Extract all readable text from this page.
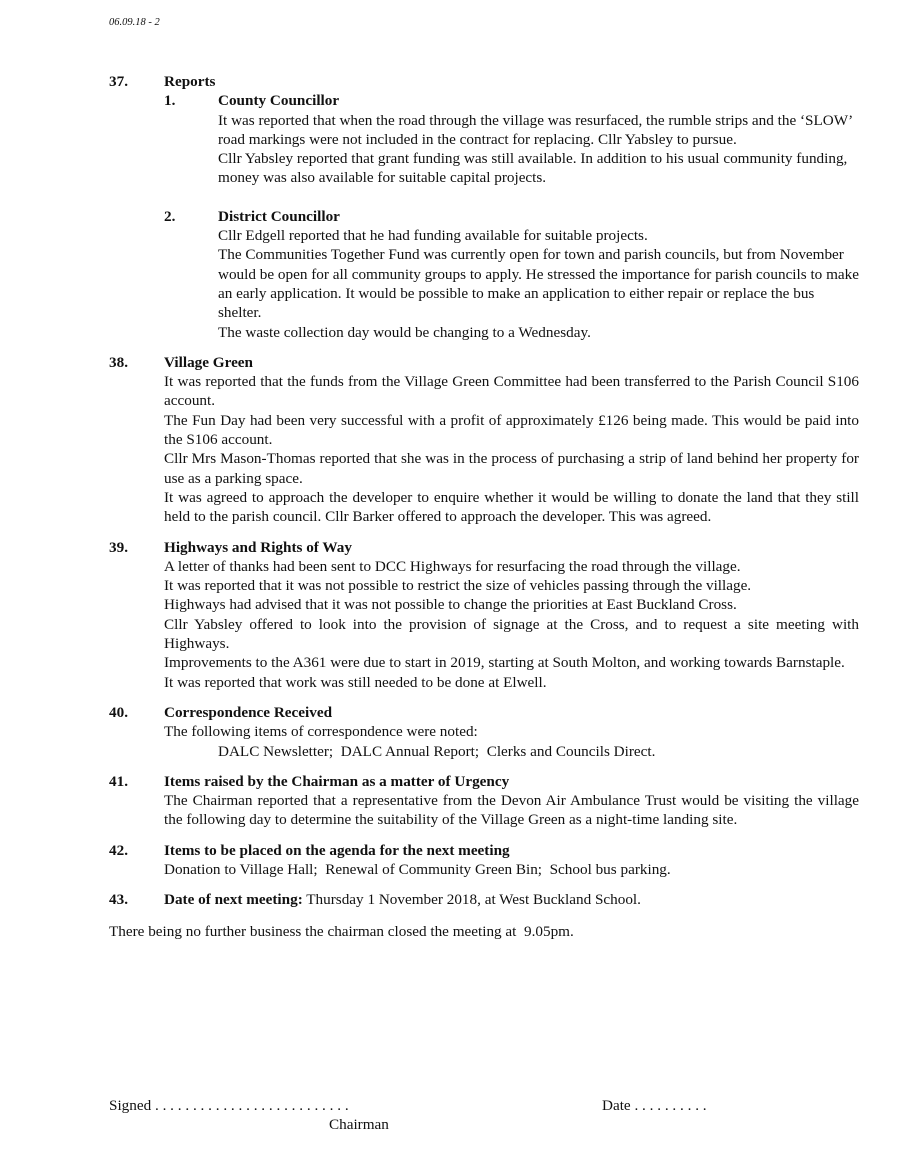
06.09.18 - 2
37. Reports
1.	County Councillor

It was reported that when the road through the village was resurfaced, the rumble strips and the ‘SLOW’ road markings were not included in the contract for replacing. Cllr Yabsley to pursue.

Cllr Yabsley reported that grant funding was still available. In addition to his usual community funding, money was also available for suitable capital projects.

2.	District Councillor

Cllr Edgell reported that he had funding available for suitable projects.

The Communities Together Fund was currently open for town and parish councils, but from November would be open for all community groups to apply. He stressed the importance for parish councils to make an early application. It would be possible to make an application to either repair or replace the bus shelter.

The waste collection day would be changing to a Wednesday.

38. Village Green

It was reported that the funds from the Village Green Committee had been transferred to the Parish Council S106 account.

The Fun Day had been very successful with a profit of approximately £126 being made. This would be paid into the S106 account.

Cllr Mrs Mason-Thomas reported that she was in the process of purchasing a strip of land behind her property for use as a parking space.

It was agreed to approach the developer to enquire whether it would be willing to donate the land that they still held to the parish council. Cllr Barker offered to approach the developer. This was agreed.

39. Highways and Rights of Way

A letter of thanks had been sent to DCC Highways for resurfacing the road through the village.

It was reported that it was not possible to restrict the size of vehicles passing through the village.

Highways had advised that it was not possible to change the priorities at East Buckland Cross.

Cllr Yabsley offered to look into the provision of signage at the Cross, and to request a site meeting with Highways.

Improvements to the A361 were due to start in 2019, starting at South Molton, and working towards Barnstaple.

It was reported that work was still needed to be done at Elwell.

40. Correspondence Received

The following items of correspondence were noted:

DALC Newsletter;  DALC Annual Report;  Clerks and Councils Direct.

41. Items raised by the Chairman as a matter of Urgency

The Chairman reported that a representative from the Devon Air Ambulance Trust would be visiting the village the following day to determine the suitability of the Village Green as a night-time landing site.

42. Items to be placed on the agenda for the next meeting

Donation to Village Hall;  Renewal of Community Green Bin;  School bus parking.

43. Date of next meeting: Thursday 1 November 2018, at West Buckland School.
There being no further business the chairman closed the meeting at  9.05pm.
Signed . . . . . . . . . . . . . . . . . . . . . . . . . .
Chairman
Date . . . . . . . . . .
